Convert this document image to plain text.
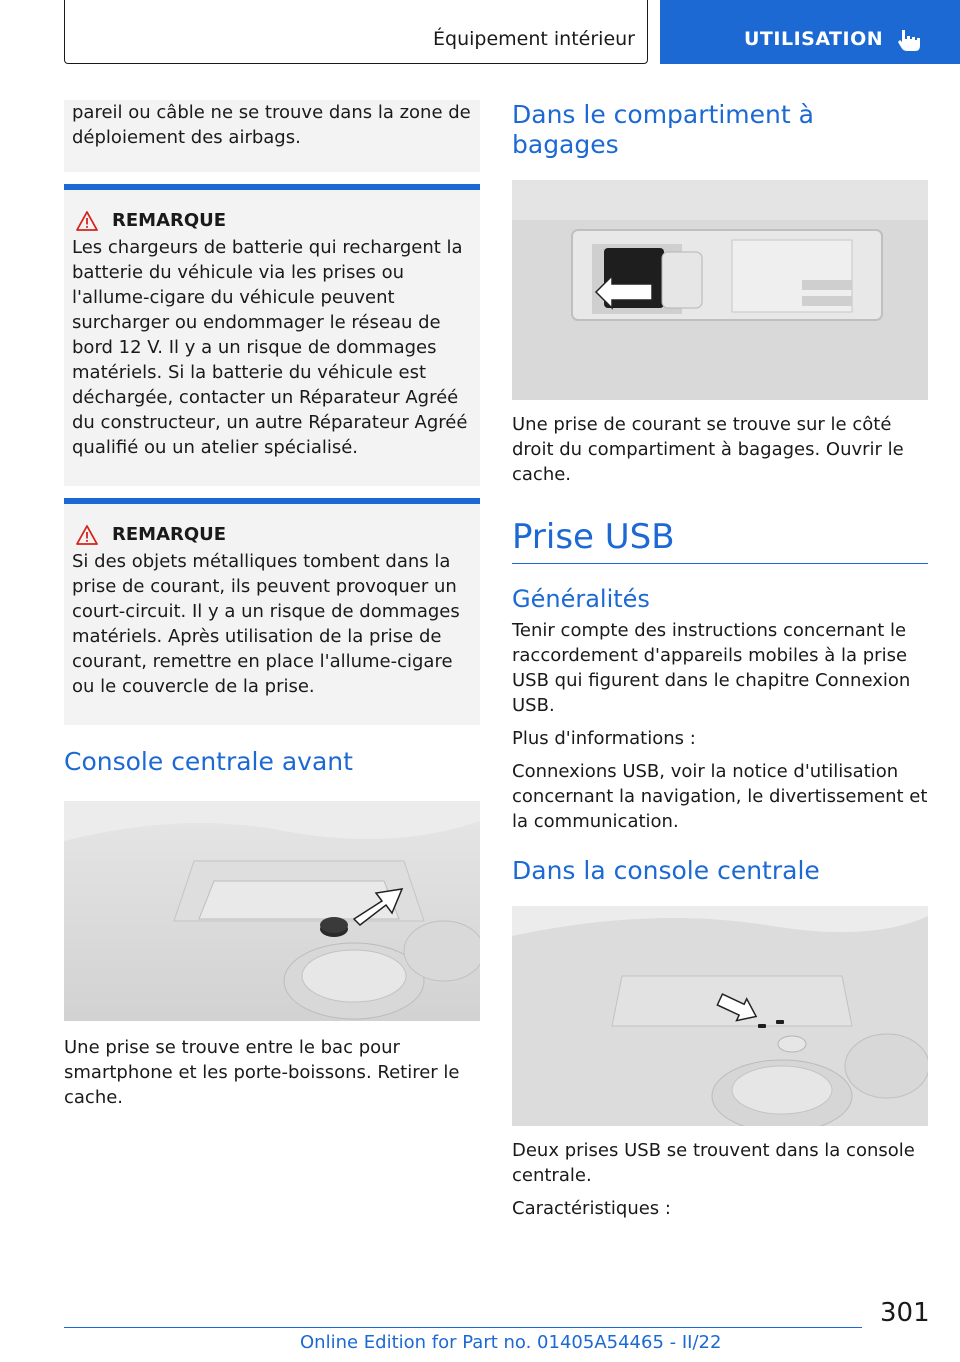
Équipement intérieur	UTILISATION

pareil ou câble ne se trouve dans la zone de déploiement des airbags.

REMARQUE

Les chargeurs de batterie qui rechargent la batterie du véhicule via les prises ou l'allume-cigare du véhicule peuvent surcharger ou endommager le réseau de bord 12 V. Il y a un risque de dommages matériels. Si la batterie du véhicule est déchargée, contacter un Réparateur Agréé du constructeur, un autre Réparateur Agréé qualifié ou un atelier spécialisé.

REMARQUE

Si des objets métalliques tombent dans la prise de courant, ils peuvent provoquer un court-circuit. Il y a un risque de dommages matériels. Après utilisation de la prise de courant, remettre en place l'allume-cigare ou le couvercle de la prise.

Console centrale avant

Une prise se trouve entre le bac pour smartphone et les porte-boissons. Retirer le cache.

Dans le compartiment à bagages

Une prise de courant se trouve sur le côté droit du compartiment à bagages. Ouvrir le cache.

Prise USB
Généralités

Tenir compte des instructions concernant le raccordement d'appareils mobiles à la prise USB qui figurent dans le chapitre Connexion USB.

Plus d'informations :

Connexions USB, voir la notice d'utilisation concernant la navigation, le divertissement et la communication.

Dans la console centrale

Deux prises USB se trouvent dans la console centrale.

Caractéristiques :

301
Online Edition for Part no. 01405A54465 - II/22
